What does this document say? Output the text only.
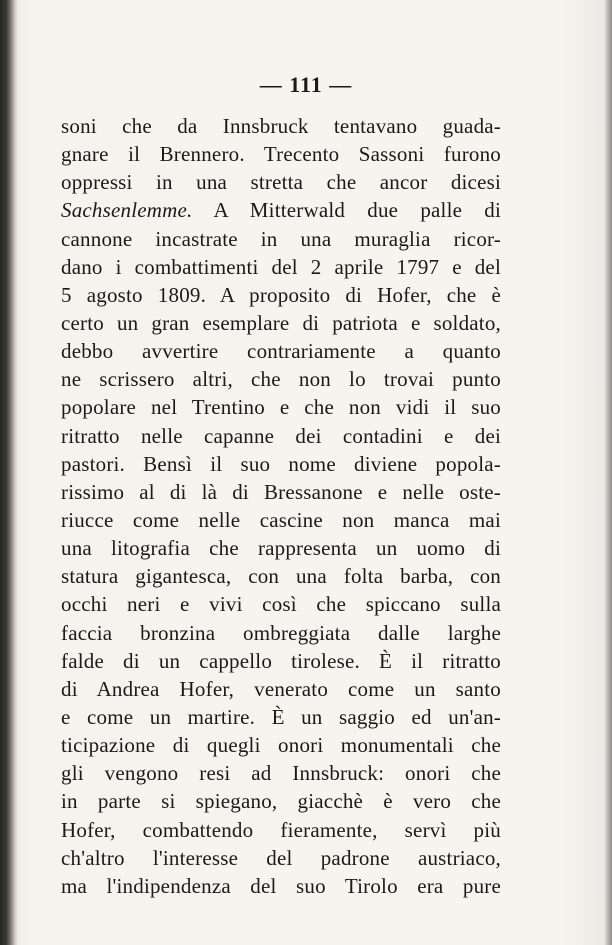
— 111 —
soni che da Innsbruck tentavano guada-
gnare il Brennero. Trecento Sassoni furono
oppressi in una stretta che ancor dicesi
Sachsenlemme. A Mitterwald due palle di
cannone incastrate in una muraglia ricor-
dano i combattimenti del 2 aprile 1797 e del
5 agosto 1809. A proposito di Hofer, che è
certo un gran esemplare di patriota e soldato,
debbo avvertire contrariamente a quanto
ne scrissero altri, che non lo trovai punto
popolare nel Trentino e che non vidi il suo
ritratto nelle capanne dei contadini e dei
pastori. Bensì il suo nome diviene popola-
rissimo al di là di Bressanone e nelle oste-
riucce come nelle cascine non manca mai
una litografia che rappresenta un uomo di
statura gigantesca, con una folta barba, con
occhi neri e vivi così che spiccano sulla
faccia bronzina ombreggiata dalle larghe
falde di un cappello tirolese. È il ritratto
di Andrea Hofer, venerato come un santo
e come un martire. È un saggio ed un'an-
ticipazione di quegli onori monumentali che
gli vengono resi ad Innsbruck: onori che
in parte si spiegano, giacchè è vero che
Hofer, combattendo fieramente, servì più
ch'altro l'interesse del padrone austriaco,
ma l'indipendenza del suo Tirolo era pure
